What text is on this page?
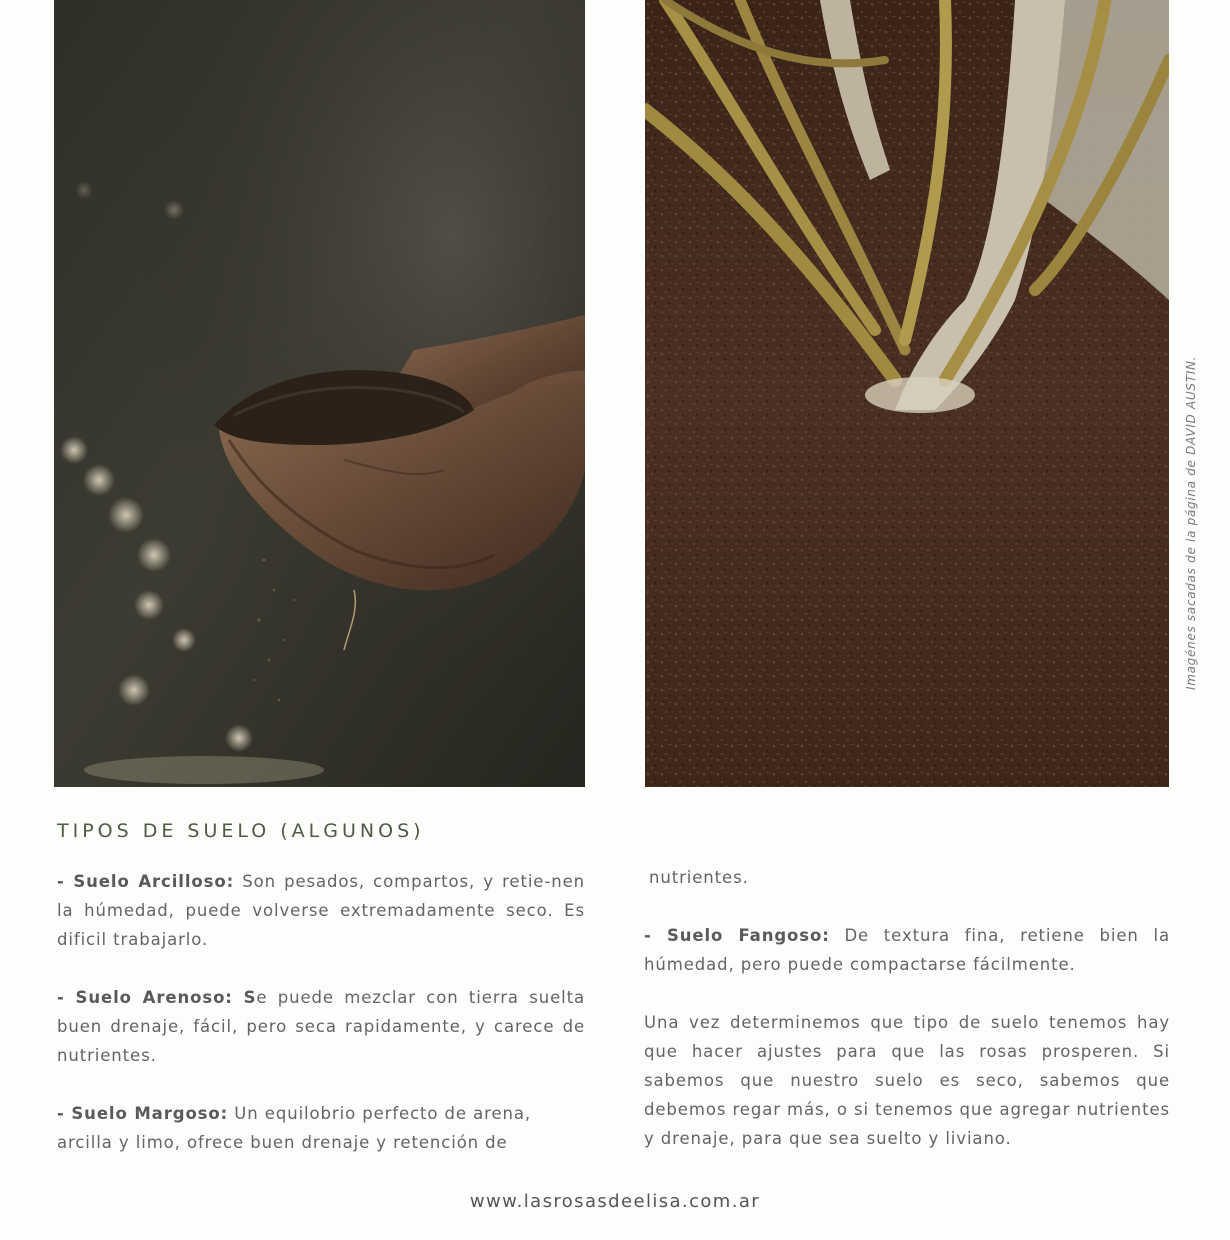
Imagénes sacadas de la página de DAVID AUSTIN.
TIPOS DE SUELO (ALGUNOS)

- Suelo Arcilloso: Son pesados, compartos, y retie-nen la húmedad, puede volverse extremadamente seco. Es dificil trabajarlo.

- Suelo Arenoso: Se puede mezclar con tierra suelta buen drenaje, fácil, pero seca rapidamente, y carece de nutrientes.

- Suelo Margoso: Un equilobrio perfecto de arena, arcilla y limo, ofrece buen drenaje y retención de

nutrientes.

- Suelo Fangoso: De textura fina, retiene bien la húmedad, pero puede compactarse fácilmente.

Una vez determinemos que tipo de suelo tenemos hay que hacer ajustes para que las rosas prosperen. Si sabemos que nuestro suelo es seco, sabemos que debemos regar más, o si tenemos que agregar nutrientes y drenaje, para que sea suelto y liviano.

www.lasrosasdeelisa.com.ar
